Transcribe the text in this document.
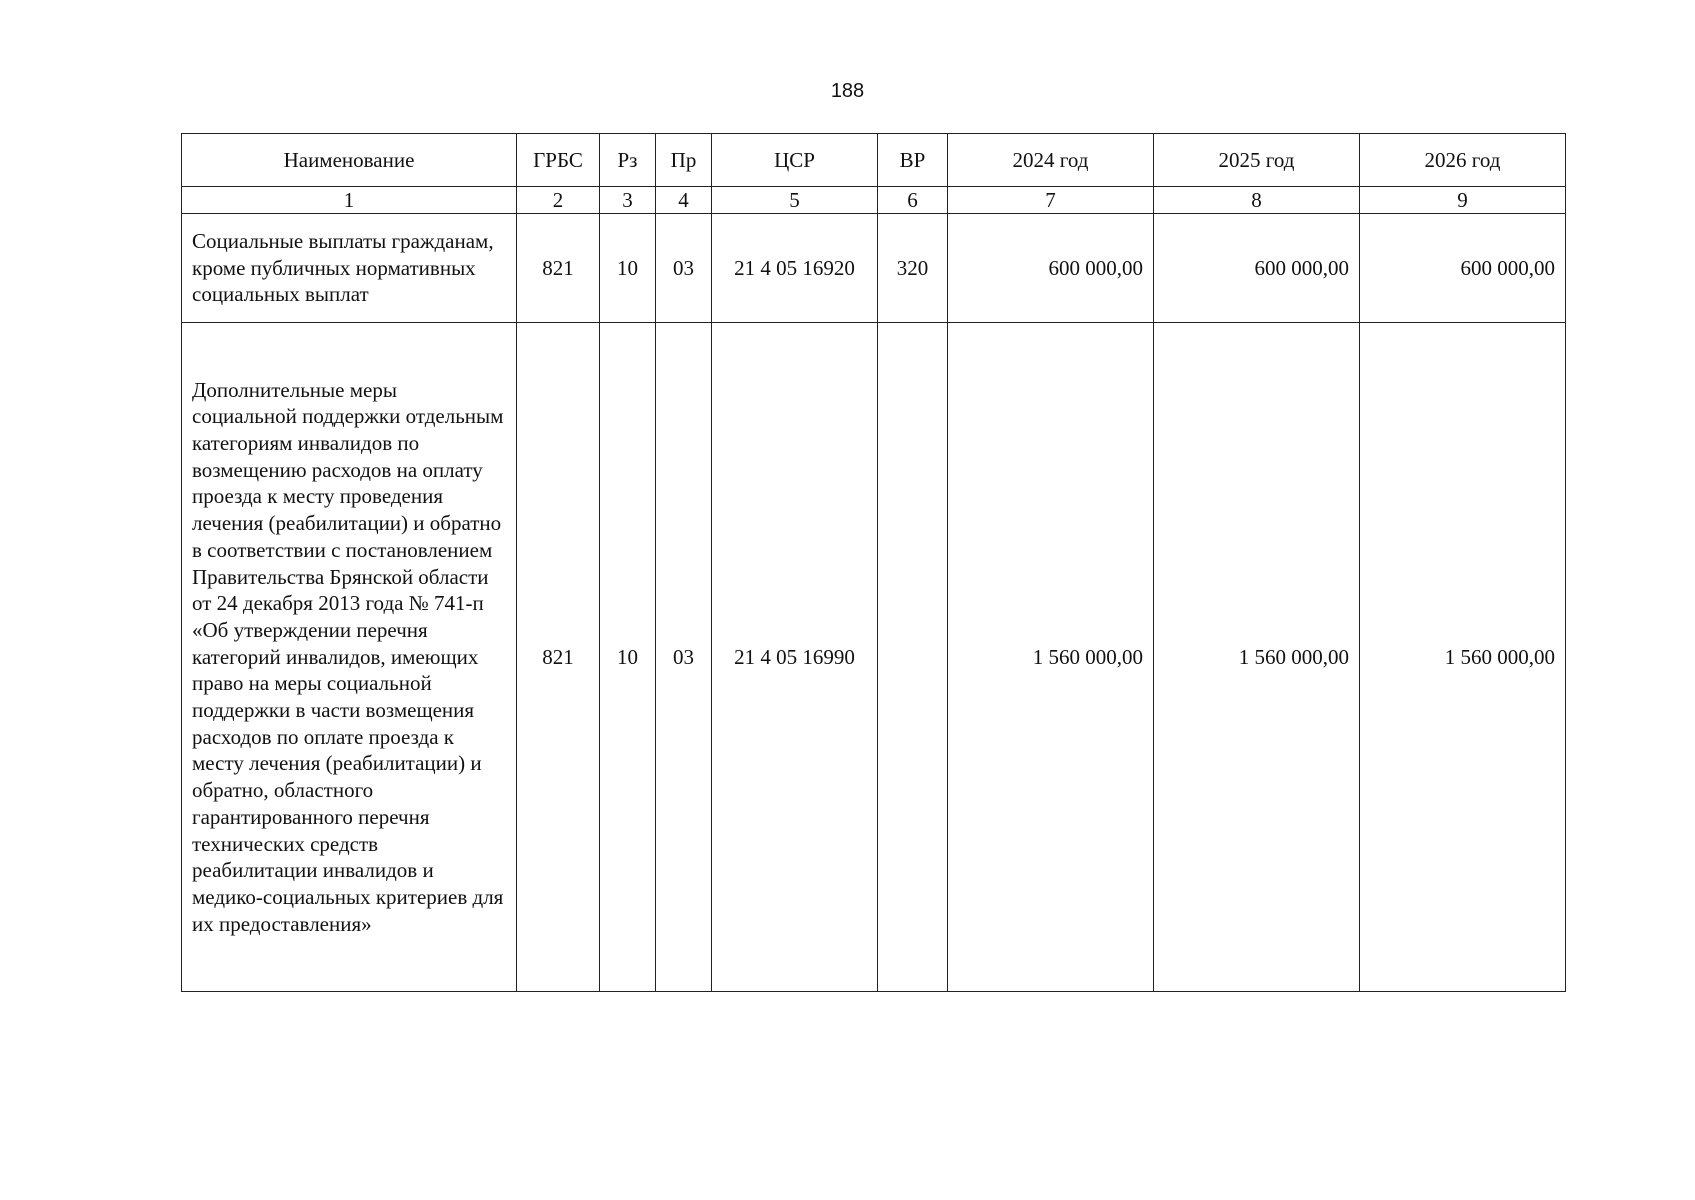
188
Наименование	ГРБС	Рз	Пр	ЦСР	ВР	2024 год	2025 год	2026 год
1	2	3	4	5	6	7	8	9
Социальные выплаты гражданам, кроме публичных нормативных социальных выплат	821	10	03	21 4 05 16920	320	600 000,00	600 000,00	600 000,00
Дополнительные меры социальной поддержки отдельным категориям инвалидов по возмещению расходов на оплату проезда к месту проведения лечения (реабилитации) и обратно в соответствии с постановлением Правительства Брянской области от 24 декабря 2013 года № 741-п «Об утверждении перечня категорий инвалидов, имеющих право на меры социальной поддержки в части возмещения расходов по оплате проезда к месту лечения (реабилитации) и обратно, областного гарантированного перечня технических средств реабилитации инвалидов и медико-социальных критериев для их предоставления»	821	10	03	21 4 05 16990		1 560 000,00	1 560 000,00	1 560 000,00
